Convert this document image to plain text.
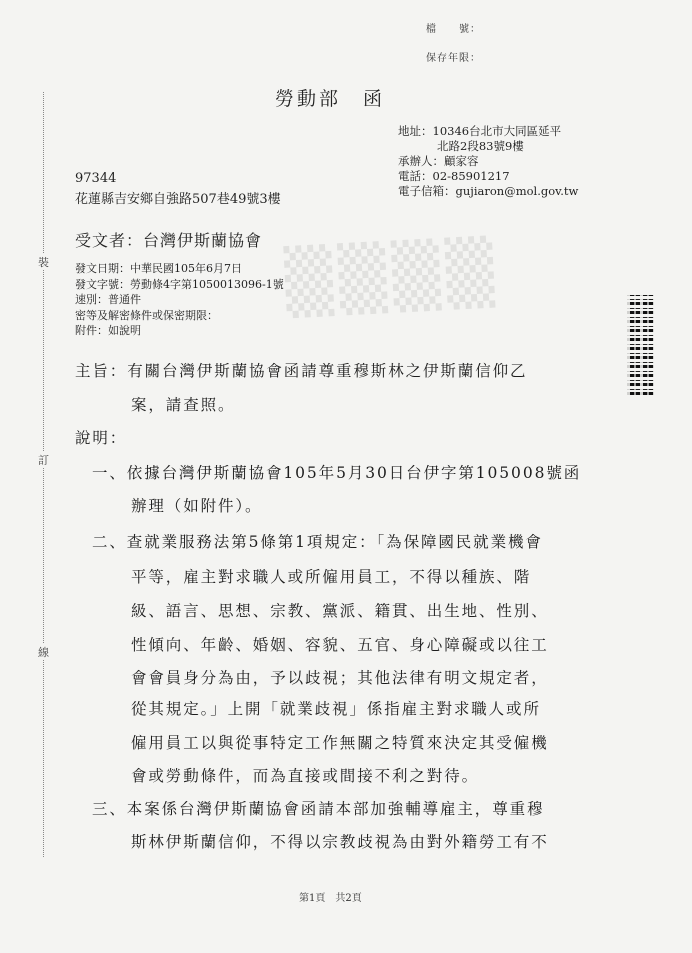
▒▒▒▒
檔　　號：
保存年限：
勞動部　函
地址：10346台北市大同區延平
北路2段83號9樓
承辦人：顧家容
電話：02-85901217
電子信箱：gujiaron@mol.gov.tw
97344
花蓮縣吉安鄉自強路507巷49號3樓
受文者：台灣伊斯蘭協會
發文日期：中華民國105年6月7日
發文字號：勞動條4字第1050013096-1號
速別：普通件
密等及解密條件或保密期限：
附件：如說明
主旨：有關台灣伊斯蘭協會函請尊重穆斯林之伊斯蘭信仰乙
案，請查照。
說明：
一、依據台灣伊斯蘭協會105年5月30日台伊字第105008號函
辦理（如附件）。
二、查就業服務法第5條第1項規定：「為保障國民就業機會
平等，雇主對求職人或所僱用員工，不得以種族、階
級、語言、思想、宗教、黨派、籍貫、出生地、性別、
性傾向、年齡、婚姻、容貌、五官、身心障礙或以往工
會會員身分為由，予以歧視；其他法律有明文規定者，
從其規定。」上開「就業歧視」係指雇主對求職人或所
僱用員工以與從事特定工作無關之特質來決定其受僱機
會或勞動條件，而為直接或間接不利之對待。
三、本案係台灣伊斯蘭協會函請本部加強輔導雇主，尊重穆
斯林伊斯蘭信仰，不得以宗教歧視為由對外籍勞工有不
裝
訂
線
第1頁　共2頁
